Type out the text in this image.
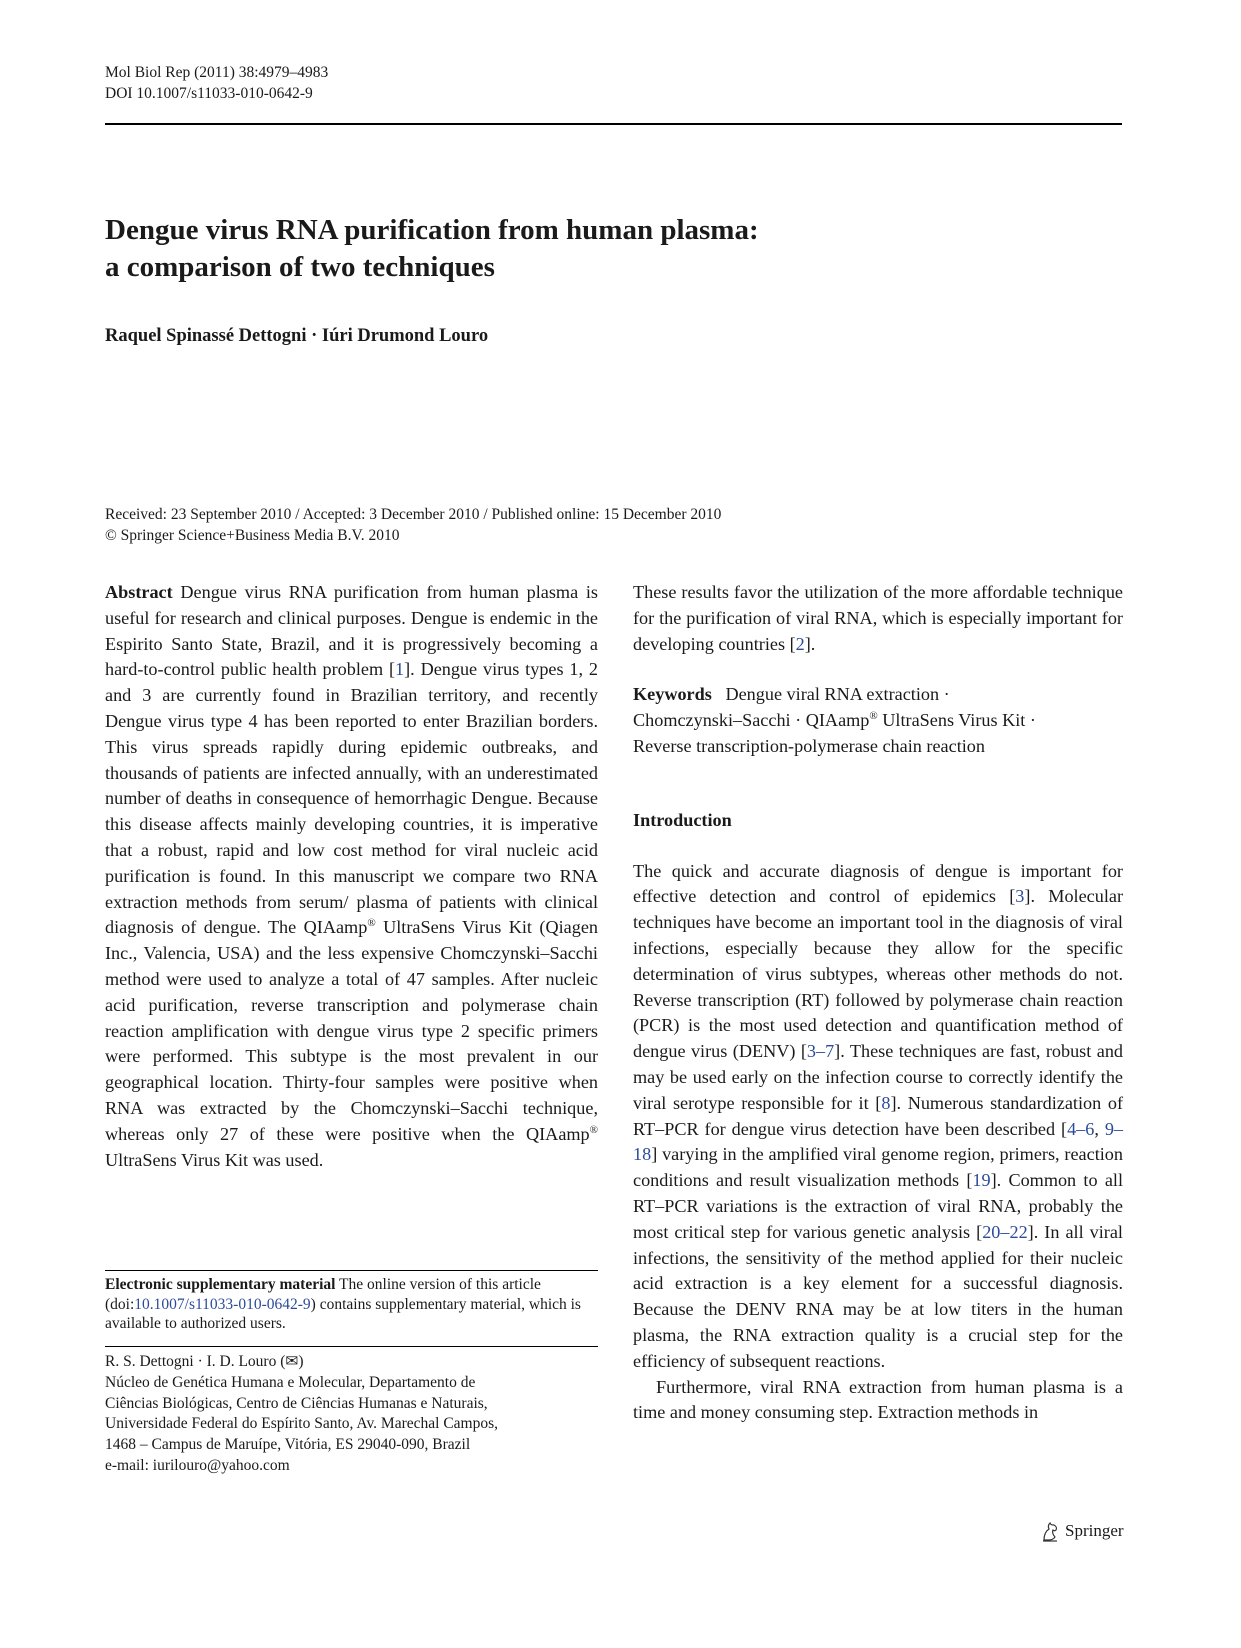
Mol Biol Rep (2011) 38:4979–4983
DOI 10.1007/s11033-010-0642-9
Dengue virus RNA purification from human plasma:
a comparison of two techniques
Raquel Spinassé Dettogni · Iúri Drumond Louro
Received: 23 September 2010 / Accepted: 3 December 2010 / Published online: 15 December 2010
© Springer Science+Business Media B.V. 2010

Abstract Dengue virus RNA purification from human plasma is useful for research and clinical purposes. Dengue is endemic in the Espirito Santo State, Brazil, and it is progressively becoming a hard-to-control public health problem [1]. Dengue virus types 1, 2 and 3 are currently found in Brazilian territory, and recently Dengue virus type 4 has been reported to enter Brazilian borders. This virus spreads rapidly during epidemic outbreaks, and thousands of patients are infected annually, with an underestimated number of deaths in consequence of hemorrhagic Dengue. Because this disease affects mainly developing countries, it is imperative that a robust, rapid and low cost method for viral nucleic acid purification is found. In this manuscript we compare two RNA extraction methods from serum/ plasma of patients with clinical diagnosis of dengue. The QIAamp® UltraSens Virus Kit (Qiagen Inc., Valencia, USA) and the less expensive Chomczynski–Sacchi method were used to analyze a total of 47 samples. After nucleic acid purification, reverse transcription and polymerase chain reaction amplification with dengue virus type 2 specific primers were performed. This subtype is the most prevalent in our geographical location. Thirty-four samples were positive when RNA was extracted by the Chomczynski–Sacchi technique, whereas only 27 of these were positive when the QIAamp® UltraSens Virus Kit was used.

Electronic supplementary material The online version of this article (doi:10.1007/s11033-010-0642-9) contains supplementary material, which is available to authorized users.
R. S. Dettogni · I. D. Louro (✉)
Núcleo de Genética Humana e Molecular, Departamento de
Ciências Biológicas, Centro de Ciências Humanas e Naturais,
Universidade Federal do Espírito Santo, Av. Marechal Campos,
1468 – Campus de Maruípe, Vitória, ES 29040-090, Brazil
e-mail: iurilouro@yahoo.com

These results favor the utilization of the more affordable technique for the purification of viral RNA, which is especially important for developing countries [2].

Keywords Dengue viral RNA extraction ·
Chomczynski–Sacchi · QIAamp® UltraSens Virus Kit ·
Reverse transcription-polymerase chain reaction

Introduction

The quick and accurate diagnosis of dengue is important for effective detection and control of epidemics [3]. Molecular techniques have become an important tool in the diagnosis of viral infections, especially because they allow for the specific determination of virus subtypes, whereas other methods do not. Reverse transcription (RT) followed by polymerase chain reaction (PCR) is the most used detection and quantification method of dengue virus (DENV) [3–7]. These techniques are fast, robust and may be used early on the infection course to correctly identify the viral serotype responsible for it [8]. Numerous standardization of RT–PCR for dengue virus detection have been described [4–6, 9–18] varying in the amplified viral genome region, primers, reaction conditions and result visualization methods [19]. Common to all RT–PCR variations is the extraction of viral RNA, probably the most critical step for various genetic analysis [20–22]. In all viral infections, the sensitivity of the method applied for their nucleic acid extraction is a key element for a successful diagnosis. Because the DENV RNA may be at low titers in the human plasma, the RNA extraction quality is a crucial step for the efficiency of subsequent reactions.

Furthermore, viral RNA extraction from human plasma is a time and money consuming step. Extraction methods in

Springer
